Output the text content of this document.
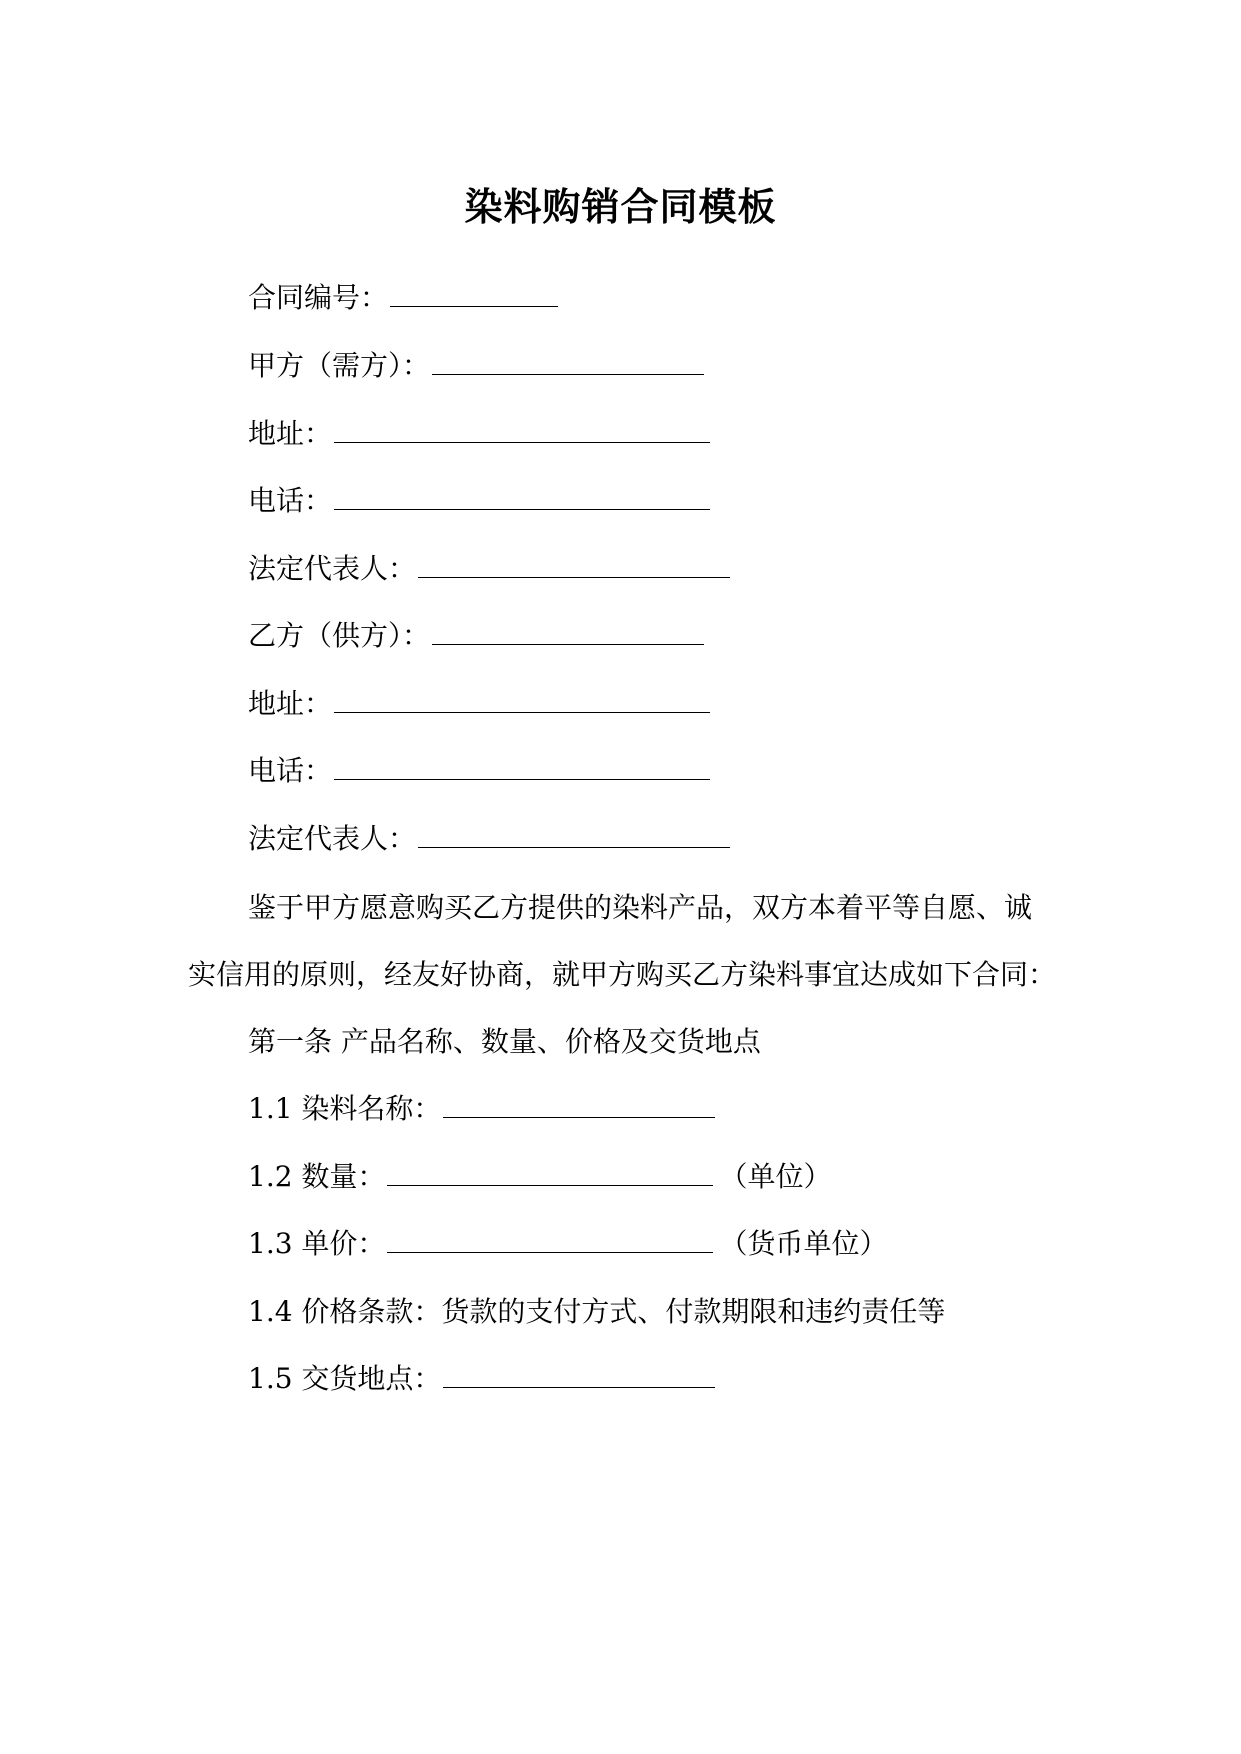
染料购销合同模板
合同编号：
甲方（需方）：
地址：
电话：
法定代表人：
乙方（供方）：
地址：
电话：
法定代表人：
鉴于甲方愿意购买乙方提供的染料产品，双方本着平等自愿、诚
实信用的原则，经友好协商，就甲方购买乙方染料事宜达成如下合同：
第一条 产品名称、数量、价格及交货地点
1.1 染料名称：
1.2 数量：	（单位）
1.3 单价：	（货币单位）
1.4 价格条款：货款的支付方式、付款期限和违约责任等
1.5 交货地点：
